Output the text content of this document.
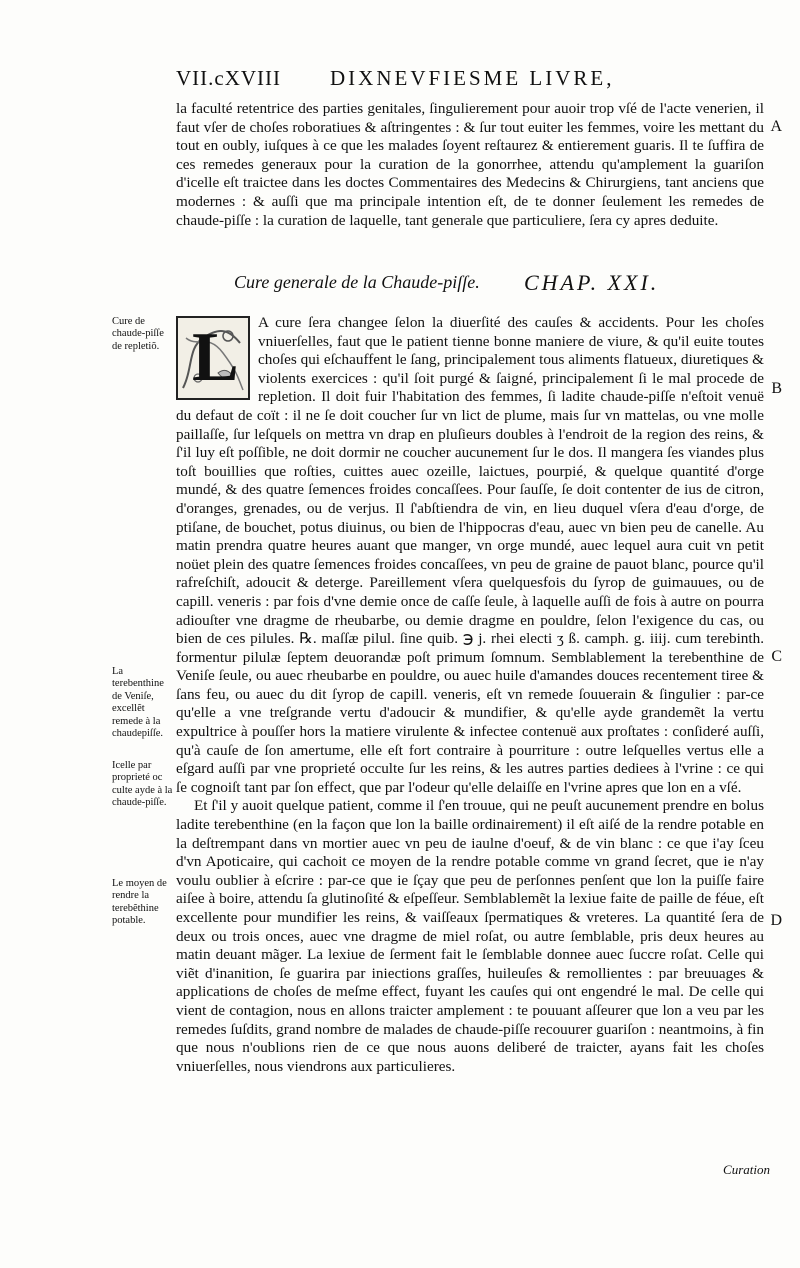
VII.cXVIII DIXNEVFIESME LIVRE,

la faculté retentrice des parties genitales, ſingulierement pour auoir trop vſé de l'acte venerien, il faut vſer de choſes roboratiues & aſtringentes : & ſur tout euiter les femmes, voire les mettant du tout en oubly, iuſques à ce que les malades ſoyent reſtaurez & entierement guaris. Il te ſuffira de ces remedes generaux pour la curation de la gonorrhee, attendu qu'amplement la guariſon d'icelle eſt traictee dans les doctes Commentaires des Medecins & Chirurgiens, tant anciens que modernes : & auſſi que ma principale intention eſt, de te donner ſeulement les remedes de chaude-piſſe : la curation de laquelle, tant generale que particuliere, ſera cy apres deduite.

Cure generale de la Chaude-piſſe. CHAP. XXI.
L	A cure ſera changee ſelon la diuerſité des cauſes & accidents. Pour les choſes vniuerſelles, faut que le patient tienne bonne maniere de viure, & qu'il euite toutes choſes qui eſchauffent le ſang, principalement tous aliments flatueux, diuretiques & violents exercices : qu'il ſoit purgé & ſaigné, principalement ſi le mal procede de repletion. Il doit fuir l'habitation des femmes, ſi ladite chaude-piſſe n'eſtoit venuë du defaut de coït : il ne ſe doit coucher ſur vn lict de plume, mais ſur vn mattelas, ou vne molle paillaſſe, ſur leſquels on mettra vn drap en pluſieurs doubles à l'endroit de la region des reins, & ſ'il luy eſt poſſible, ne doit dormir ne coucher aucunement ſur le dos. Il mangera ſes viandes plus toſt bouillies que roſties, cuittes auec ozeille, laictues, pourpié, & quelque quantité d'orge mundé, & des quatre ſemences froides concaſſees. Pour ſauſſe, ſe doit contenter de ius de citron, d'oranges, grenades, ou de verjus. Il ſ'abſtiendra de vin, en lieu duquel vſera d'eau d'orge, de ptiſane, de bouchet, potus diuinus, ou bien de l'hippocras d'eau, auec vn bien peu de canelle. Au matin prendra quatre heures auant que manger, vn orge mundé, auec lequel aura cuit vn petit noüet plein des quatre ſemences froides concaſſees, vn peu de graine de pauot blanc, pource qu'il rafreſchiſt, adoucit & deterge. Pareillement vſera quelquesfois du ſyrop de guimauues, ou de capill. veneris : par fois d'vne demie once de caſſe ſeule, à laquelle auſſi de fois à autre on pourra adiouſter vne dragme de rheubarbe, ou demie dragme en pouldre, ſelon l'exigence du cas, ou bien de ces pilules. ℞. maſſæ pilul. ſine quib. ℈ j. rhei electi ʒ ß. camph. g. iiij. cum terebinth. formentur pilulæ ſeptem deuorandæ poſt primum ſomnum. Semblablement la terebenthine de Veniſe ſeule, ou auec rheubarbe en pouldre, ou auec huile d'amandes douces recentement tiree & ſans feu, ou auec du dit ſyrop de capill. veneris, eſt vn remede ſouuerain & ſingulier : par-ce qu'elle a vne treſgrande vertu d'adoucir & mundifier, & qu'elle ayde grandemẽt la vertu expultrice à pouſſer hors la matiere virulente & infectee contenuë aux proſtates : conſideré auſſi, qu'à cauſe de ſon amertume, elle eſt fort contraire à pourriture : outre leſquelles vertus elle a eſgard auſſi par vne proprieté occulte ſur les reins, & les autres parties dediees à l'vrine : ce qui ſe cognoiſt tant par ſon effect, que par l'odeur qu'elle delaiſſe en l'vrine apres que lon en a vſé.

Et ſ'il y auoit quelque patient, comme il ſ'en trouue, qui ne peuſt aucunement prendre en bolus ladite terebenthine (en la façon que lon la baille ordinairement) il eſt aiſé de la rendre potable en la deſtrempant dans vn mortier auec vn peu de iaulne d'oeuf, & de vin blanc : ce que i'ay ſceu d'vn Apoticaire, qui cachoit ce moyen de la rendre potable comme vn grand ſecret, que ie n'ay voulu oublier à eſcrire : par-ce que ie ſçay que peu de perſonnes penſent que lon la puiſſe faire aiſee à boire, attendu ſa glutinoſité & eſpeſſeur. Semblablemẽt la lexiue faite de paille de féue, eſt excellente pour mundifier les reins, & vaiſſeaux ſpermatiques & vreteres. La quantité ſera de deux ou trois onces, auec vne dragme de miel roſat, ou autre ſemblable, pris deux heures au matin deuant mãger. La lexiue de ſerment fait le ſemblable donnee auec ſuccre roſat. Celle qui viẽt d'inanition, ſe guarira par iniections graſſes, huileuſes & remollientes : par breuuages & applications de choſes de meſme effect, fuyant les cauſes qui ont engendré le mal. De celle qui vient de contagion, nous en allons traicter amplement : te pouuant aſſeurer que lon a veu par les remedes ſuſdits, grand nombre de malades de chaude-piſſe recouurer guariſon : neantmoins, à fin que nous n'oublions rien de ce que nous auons deliberé de traicter, ayans fait les choſes vniuerſelles, nous viendrons aux particulieres.

Cure de chaude-piſſe de repletiõ.
La terebenthine de Veniſe, excellẽt remede à la chaudepiſſe.
Icelle par proprieté oc culte ayde à la chaude-piſſe.
Le moyen de rendre la terebẽthine potable.
A
B
C
D
Curation
